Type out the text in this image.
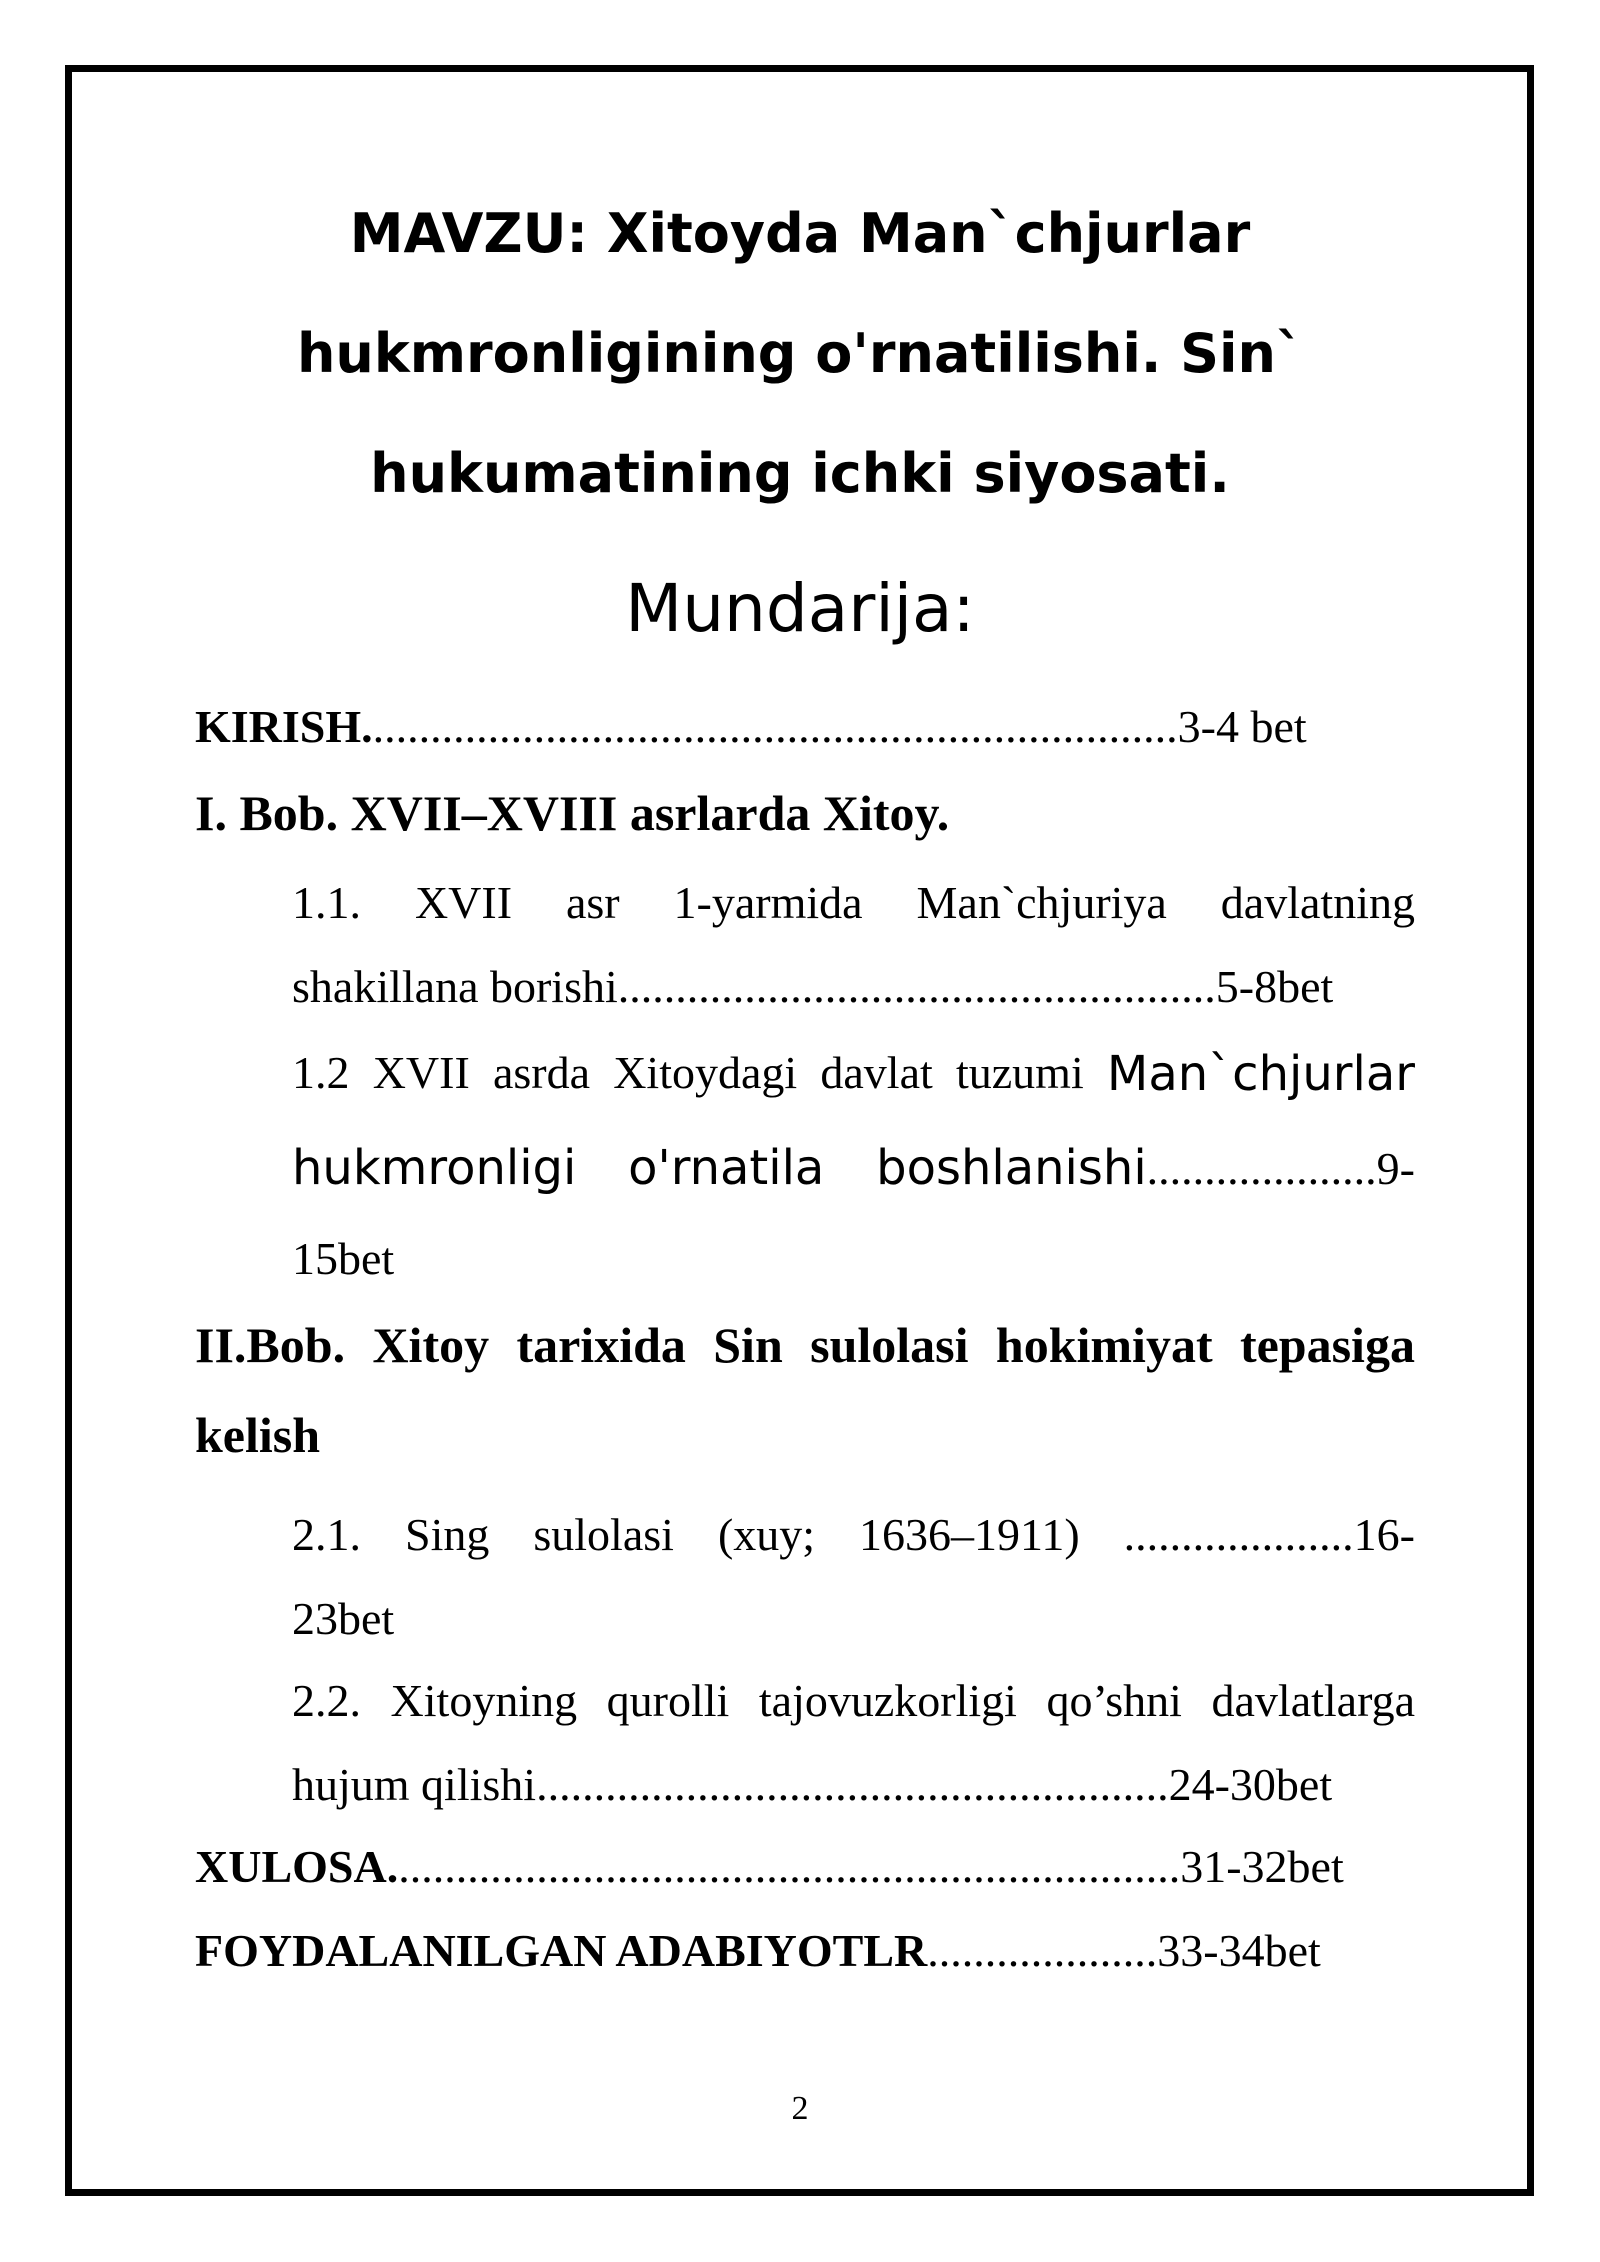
MAVZU: Xitoyda Man`chjurlar
hukmronligining o'rnatilishi. Sin`
hukumatining ichki siyosati.
Mundarija:
KIRISH.......................................................................3-4 bet
I. Bob. XVII–XVIII asrlarda Xitoy.
1.1. XVII asr 1-yarmida Man`chjuriya davlatning
shakillana borishi....................................................5-8bet
1.2 XVII asrda Xitoydagi davlat tuzumi Man`chjurlar
hukmronligi o'rnatila boshlanishi....................9-
15bet
II.Bob. Xitoy tarixida Sin sulolasi hokimiyat tepasiga
kelish
2.1. Sing sulolasi (xuy; 1636–1911) ....................16-
23bet
2.2. Xitoyning qurolli tajovuzkorligi qo’shni davlatlarga
hujum qilishi.......................................................24-30bet
XULOSA.....................................................................31-32bet
FOYDALANILGAN ADABIYOTLR....................33-34bet
2
